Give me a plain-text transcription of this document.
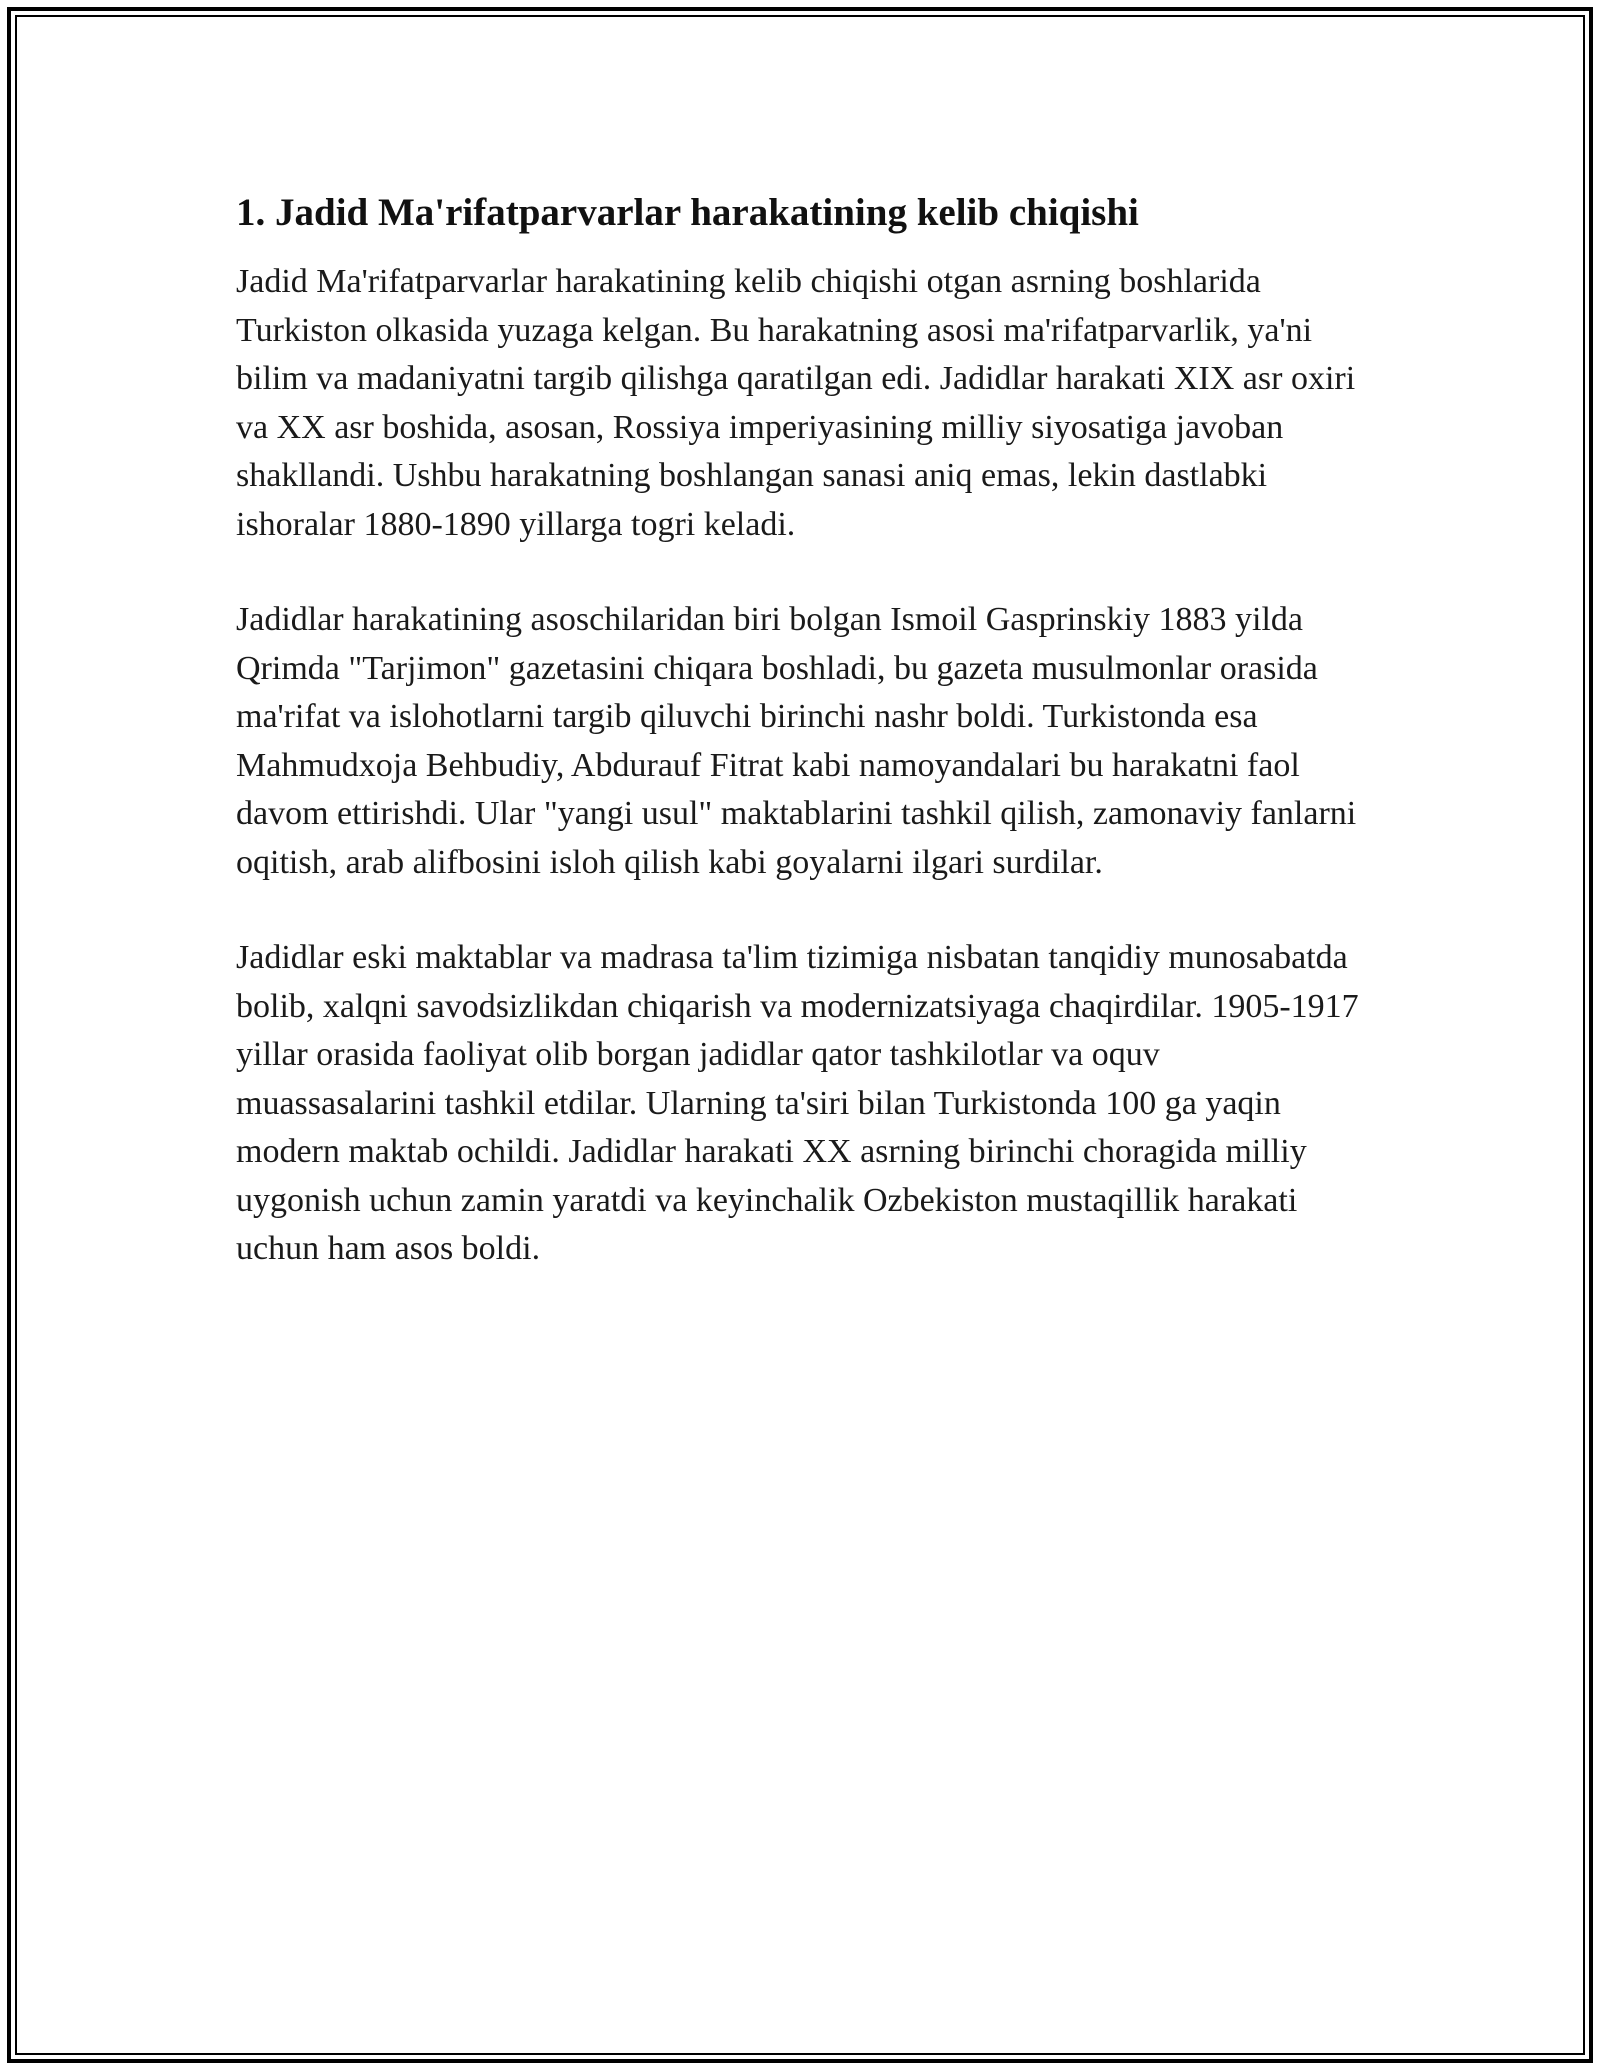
1. Jadid Ma'rifatparvarlar harakatining kelib chiqishi

Jadid Ma'rifatparvarlar harakatining kelib chiqishi otgan asrning boshlarida Turkiston olkasida yuzaga kelgan. Bu harakatning asosi ma'rifatparvarlik, ya'ni bilim va madaniyatni targib qilishga qaratilgan edi. Jadidlar harakati XIX asr oxiri va XX asr boshida, asosan, Rossiya imperiyasining milliy siyosatiga javoban shakllandi. Ushbu harakatning boshlangan sanasi aniq emas, lekin dastlabki ishoralar 1880-1890 yillarga togri keladi.

Jadidlar harakatining asoschilaridan biri bolgan Ismoil Gasprinskiy 1883 yilda Qrimda "Tarjimon" gazetasini chiqara boshladi, bu gazeta musulmonlar orasida ma'rifat va islohotlarni targib qiluvchi birinchi nashr boldi. Turkistonda esa Mahmudxoja Behbudiy, Abdurauf Fitrat kabi namoyandalari bu harakatni faol davom ettirishdi. Ular "yangi usul" maktablarini tashkil qilish, zamonaviy fanlarni oqitish, arab alifbosini isloh qilish kabi goyalarni ilgari surdilar.

Jadidlar eski maktablar va madrasa ta'lim tizimiga nisbatan tanqidiy munosabatda bolib, xalqni savodsizlikdan chiqarish va modernizatsiyaga chaqirdilar. 1905-1917 yillar orasida faoliyat olib borgan jadidlar qator tashkilotlar va oquv muassasalarini tashkil etdilar. Ularning ta'siri bilan Turkistonda 100 ga yaqin modern maktab ochildi. Jadidlar harakati XX asrning birinchi choragida milliy uygonish uchun zamin yaratdi va keyinchalik Ozbekiston mustaqillik harakati uchun ham asos boldi.
